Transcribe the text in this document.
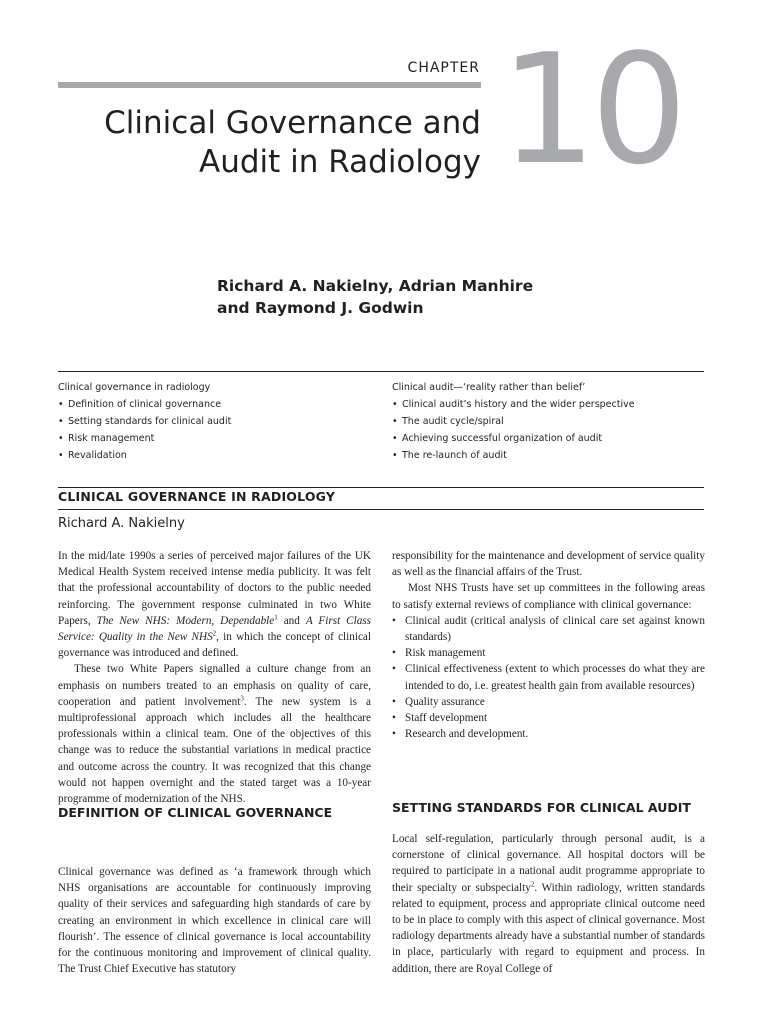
CHAPTER 10
Clinical Governance and
Audit in Radiology
Richard A. Nakielny, Adrian Manhire
and Raymond J. Godwin
Clinical governance in radiology
• Definition of clinical governance
• Setting standards for clinical audit
• Risk management
• Revalidation
Clinical audit—‘reality rather than belief’
• Clinical audit’s history and the wider perspective
• The audit cycle/spiral
• Achieving successful organization of audit
• The re-launch of audit
CLINICAL GOVERNANCE IN RADIOLOGY
Richard A. Nakielny

In the mid/late 1990s a series of perceived major failures of the UK Medical Health System received intense media publicity. It was felt that the professional accountability of doctors to the public needed reinforcing. The government response culminated in two White Papers, The New NHS: Modern, Dependable$^1$ and A First Class Service: Quality in the New NHS$^2$, in which the concept of clinical governance was introduced and defined.

These two White Papers signalled a culture change from an emphasis on numbers treated to an emphasis on quality of care, cooperation and patient involvement$^3$. The new system is a multiprofessional approach which includes all the healthcare professionals within a clinical team. One of the objectives of this change was to reduce the substantial variations in medical practice and outcome across the country. It was recognized that this change would not happen overnight and the stated target was a 10-year programme of modernization of the NHS.

DEFINITION OF CLINICAL GOVERNANCE

Clinical governance was defined as ‘a framework through which NHS organisations are accountable for continuously improving quality of their services and safeguarding high standards of care by creating an environment in which excellence in clinical care will flourish’. The essence of clinical governance is local accountability for the continuous monitoring and improvement of clinical quality. The Trust Chief Executive has statutory

responsibility for the maintenance and development of service quality as well as the financial affairs of the Trust.

Most NHS Trusts have set up committees in the following areas to satisfy external reviews of compliance with clinical governance:

• Clinical audit (critical analysis of clinical care set against known standards)
• Risk management
• Clinical effectiveness (extent to which processes do what they are intended to do, i.e. greatest health gain from available resources)
• Quality assurance
• Staff development
• Research and development.
SETTING STANDARDS FOR CLINICAL AUDIT

Local self-regulation, particularly through personal audit, is a cornerstone of clinical governance. All hospital doctors will be required to participate in a national audit programme appropriate to their specialty or subspecialty$^2$. Within radiology, written standards related to equipment, process and appropriate clinical outcome need to be in place to comply with this aspect of clinical governance. Most radiology departments already have a substantial number of standards in place, particularly with regard to equipment and process. In addition, there are Royal College of
